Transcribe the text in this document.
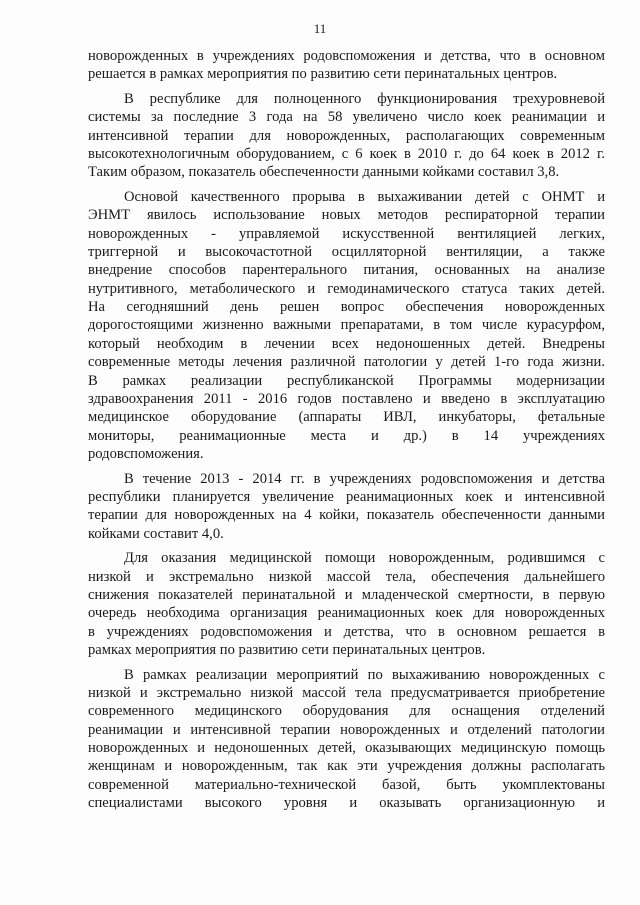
11
новорожденных в учреждениях родовспоможения и детства, что в основном
решается в рамках мероприятия по развитию сети перинатальных центров.
В республике для полноценного функционирования трехуровневой
системы за последние 3 года на 58 увеличено число коек реанимации и
интенсивной терапии для новорожденных, располагающих современным
высокотехнологичным оборудованием, с 6 коек в 2010 г. до 64 коек в 2012 г.
Таким образом, показатель обеспеченности данными койками составил 3,8.
Основой качественного прорыва в выхаживании детей с ОНМТ и
ЭНМТ явилось использование новых методов респираторной терапии
новорожденных - управляемой искусственной вентиляцией легких,
триггерной и высокочастотной осцилляторной вентиляции, а также
внедрение способов парентерального питания, основанных на анализе
нутритивного, метаболического и гемодинамического статуса таких детей.
На сегодняшний день решен вопрос обеспечения новорожденных
дорогостоящими жизненно важными препаратами, в том числе курасурфом,
который необходим в лечении всех недоношенных детей. Внедрены
современные методы лечения различной патологии у детей 1-го года жизни.
В рамках реализации республиканской Программы модернизации
здравоохранения 2011 - 2016 годов поставлено и введено в эксплуатацию
медицинское оборудование (аппараты ИВЛ, инкубаторы, фетальные
мониторы, реанимационные места и др.) в 14 учреждениях
родовспоможения.
В течение 2013 - 2014 гг. в учреждениях родовспоможения и детства
республики планируется увеличение реанимационных коек и интенсивной
терапии для новорожденных на 4 койки, показатель обеспеченности данными
койками составит 4,0.
Для оказания медицинской помощи новорожденным, родившимся с
низкой и экстремально низкой массой тела, обеспечения дальнейшего
снижения показателей перинатальной и младенческой смертности, в первую
очередь необходима организация реанимационных коек для новорожденных
в учреждениях родовспоможения и детства, что в основном решается в
рамках мероприятия по развитию сети перинатальных центров.
В рамках реализации мероприятий по выхаживанию новорожденных с
низкой и экстремально низкой массой тела предусматривается приобретение
современного медицинского оборудования для оснащения отделений
реанимации и интенсивной терапии новорожденных и отделений патологии
новорожденных и недоношенных детей, оказывающих медицинскую помощь
женщинам и новорожденным, так как эти учреждения должны располагать
современной материально-технической базой, быть укомплектованы
специалистами высокого уровня и оказывать организационную и
